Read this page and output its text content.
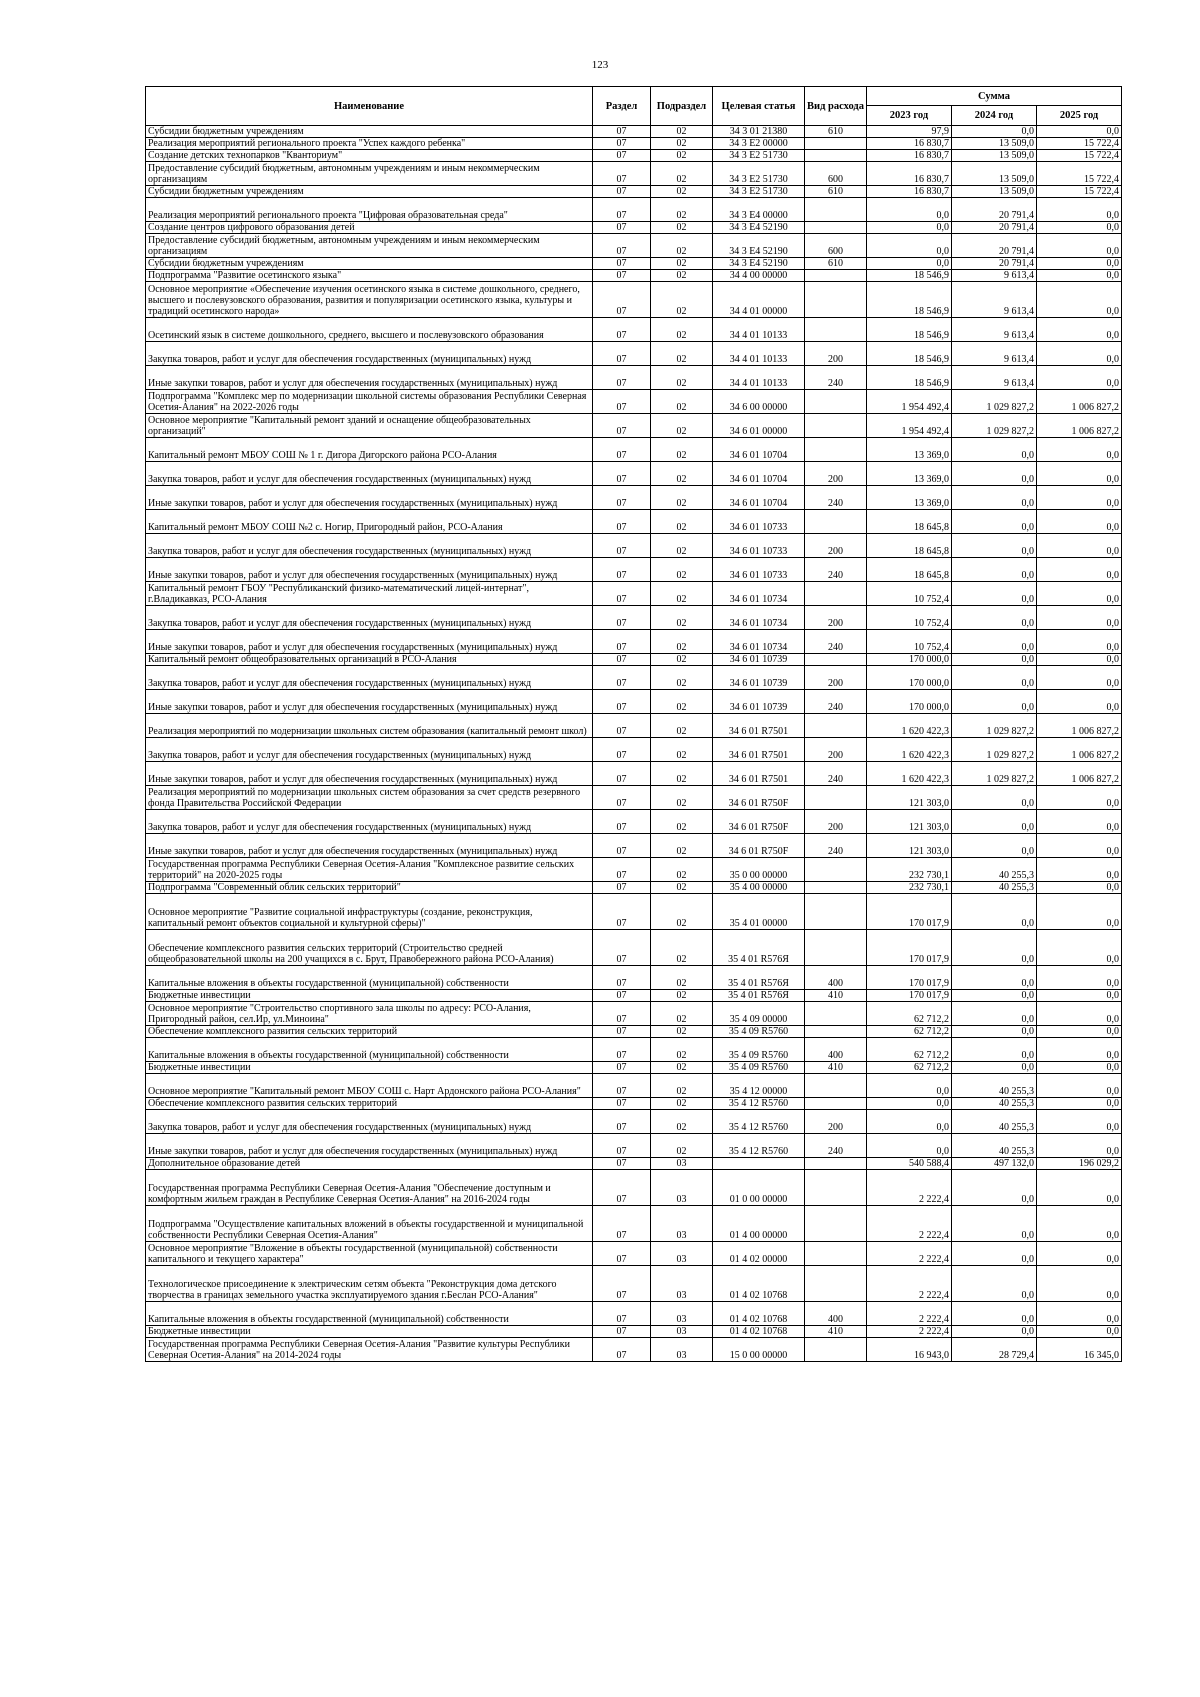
123
Наименование	Раздел	Подраздел	Целевая статья	Вид расхода	Сумма		
					2023 год	2024 год	2025 год
Субсидии бюджетным учреждениям	07	02	34 3 01 21380	610	97,9	0,0	0,0
Реализация мероприятий регионального проекта "Успех каждого ребенка"	07	02	34 3 E2 00000		16 830,7	13 509,0	15 722,4
Создание детских технопарков "Кванториум"	07	02	34 3 E2 51730		16 830,7	13 509,0	15 722,4
Предоставление субсидий бюджетным, автономным учреждениям и иным некоммерческим организациям	07	02	34 3 E2 51730	600	16 830,7	13 509,0	15 722,4
Субсидии бюджетным учреждениям	07	02	34 3 E2 51730	610	16 830,7	13 509,0	15 722,4
Реализация мероприятий регионального проекта "Цифровая образовательная среда"	07	02	34 3 E4 00000		0,0	20 791,4	0,0
Создание центров цифрового образования детей	07	02	34 3 E4 52190		0,0	20 791,4	0,0
Предоставление субсидий бюджетным, автономным учреждениям и иным некоммерческим организациям	07	02	34 3 E4 52190	600	0,0	20 791,4	0,0
Субсидии бюджетным учреждениям	07	02	34 3 E4 52190	610	0,0	20 791,4	0,0
Подпрограмма "Развитие осетинского языка"	07	02	34 4 00 00000		18 546,9	9 613,4	0,0
Основное мероприятие «Обеспечение изучения осетинского языка в системе дошкольного, среднего, высшего и послевузовского образования, развития и популяризации осетинского языка, культуры и традиций осетинского народа»	07	02	34 4 01 00000		18 546,9	9 613,4	0,0
Осетинский язык в системе дошкольного, среднего, высшего и послевузовского образования	07	02	34 4 01 10133		18 546,9	9 613,4	0,0
Закупка товаров, работ и услуг для обеспечения государственных (муниципальных) нужд	07	02	34 4 01 10133	200	18 546,9	9 613,4	0,0
Иные закупки товаров, работ и услуг для обеспечения государственных (муниципальных) нужд	07	02	34 4 01 10133	240	18 546,9	9 613,4	0,0
Подпрограмма "Комплекс мер по модернизации школьной системы образования Республики Северная Осетия-Алания" на 2022-2026 годы	07	02	34 6 00 00000		1 954 492,4	1 029 827,2	1 006 827,2
Основное мероприятие "Капитальный ремонт зданий и оснащение общеобразовательных организаций"	07	02	34 6 01 00000		1 954 492,4	1 029 827,2	1 006 827,2
Капитальный ремонт МБОУ СОШ № 1 г. Дигора Дигорского района РСО-Алания	07	02	34 6 01 10704		13 369,0	0,0	0,0
Закупка товаров, работ и услуг для обеспечения государственных (муниципальных) нужд	07	02	34 6 01 10704	200	13 369,0	0,0	0,0
Иные закупки товаров, работ и услуг для обеспечения государственных (муниципальных) нужд	07	02	34 6 01 10704	240	13 369,0	0,0	0,0
Капитальный ремонт МБОУ СОШ №2 с. Ногир, Пригородный район, РСО-Алания	07	02	34 6 01 10733		18 645,8	0,0	0,0
Закупка товаров, работ и услуг для обеспечения государственных (муниципальных) нужд	07	02	34 6 01 10733	200	18 645,8	0,0	0,0
Иные закупки товаров, работ и услуг для обеспечения государственных (муниципальных) нужд	07	02	34 6 01 10733	240	18 645,8	0,0	0,0
Капитальный ремонт ГБОУ "Республиканский физико-математический лицей-интернат", г.Владикавказ, РСО-Алания	07	02	34 6 01 10734		10 752,4	0,0	0,0
Закупка товаров, работ и услуг для обеспечения государственных (муниципальных) нужд	07	02	34 6 01 10734	200	10 752,4	0,0	0,0
Иные закупки товаров, работ и услуг для обеспечения государственных (муниципальных) нужд	07	02	34 6 01 10734	240	10 752,4	0,0	0,0
Капитальный ремонт общеобразовательных организаций в РСО-Алания	07	02	34 6 01 10739		170 000,0	0,0	0,0
Закупка товаров, работ и услуг для обеспечения государственных (муниципальных) нужд	07	02	34 6 01 10739	200	170 000,0	0,0	0,0
Иные закупки товаров, работ и услуг для обеспечения государственных (муниципальных) нужд	07	02	34 6 01 10739	240	170 000,0	0,0	0,0
Реализация мероприятий по модернизации школьных систем образования (капитальный ремонт школ)	07	02	34 6 01 R7501		1 620 422,3	1 029 827,2	1 006 827,2
Закупка товаров, работ и услуг для обеспечения государственных (муниципальных) нужд	07	02	34 6 01 R7501	200	1 620 422,3	1 029 827,2	1 006 827,2
Иные закупки товаров, работ и услуг для обеспечения государственных (муниципальных) нужд	07	02	34 6 01 R7501	240	1 620 422,3	1 029 827,2	1 006 827,2
Реализация мероприятий по модернизации школьных систем образования за счет средств резервного фонда Правительства Российской Федерации	07	02	34 6 01 R750F		121 303,0	0,0	0,0
Закупка товаров, работ и услуг для обеспечения государственных (муниципальных) нужд	07	02	34 6 01 R750F	200	121 303,0	0,0	0,0
Иные закупки товаров, работ и услуг для обеспечения государственных (муниципальных) нужд	07	02	34 6 01 R750F	240	121 303,0	0,0	0,0
Государственная программа Республики Северная Осетия-Алания "Комплексное развитие сельских территорий" на 2020-2025 годы	07	02	35 0 00 00000		232 730,1	40 255,3	0,0
Подпрограмма "Современный облик сельских территорий"	07	02	35 4 00 00000		232 730,1	40 255,3	0,0
Основное мероприятие "Развитие социальной инфраструктуры (создание, реконструкция, капитальный ремонт объектов социальной и культурной сферы)"	07	02	35 4 01 00000		170 017,9	0,0	0,0
Обеспечение комплексного развития сельских территорий (Строительство средней общеобразовательной школы на 200 учащихся в с. Брут, Правобережного района РСО-Алания)	07	02	35 4 01 R576Я		170 017,9	0,0	0,0
Капитальные вложения в объекты государственной (муниципальной) собственности	07	02	35 4 01 R576Я	400	170 017,9	0,0	0,0
Бюджетные инвестиции	07	02	35 4 01 R576Я	410	170 017,9	0,0	0,0
Основное мероприятие "Строительство спортивного зала школы по адресу: РСО-Алания, Пригородный район, сел.Ир, ул.Миноина"	07	02	35 4 09 00000		62 712,2	0,0	0,0
Обеспечение комплексного развития сельских территорий	07	02	35 4 09 R5760		62 712,2	0,0	0,0
Капитальные вложения в объекты государственной (муниципальной) собственности	07	02	35 4 09 R5760	400	62 712,2	0,0	0,0
Бюджетные инвестиции	07	02	35 4 09 R5760	410	62 712,2	0,0	0,0
Основное мероприятие "Капитальный ремонт МБОУ СОШ с. Нарт Ардонского района РСО-Алания"	07	02	35 4 12 00000		0,0	40 255,3	0,0
Обеспечение комплексного развития сельских территорий	07	02	35 4 12 R5760		0,0	40 255,3	0,0
Закупка товаров, работ и услуг для обеспечения государственных (муниципальных) нужд	07	02	35 4 12 R5760	200	0,0	40 255,3	0,0
Иные закупки товаров, работ и услуг для обеспечения государственных (муниципальных) нужд	07	02	35 4 12 R5760	240	0,0	40 255,3	0,0
Дополнительное образование детей	07	03			540 588,4	497 132,0	196 029,2
Государственная программа Республики Северная Осетия-Алания "Обеспечение доступным и комфортным жильем граждан в Республике Северная Осетия-Алания" на 2016-2024 годы	07	03	01 0 00 00000		2 222,4	0,0	0,0
Подпрограмма "Осуществление капитальных вложений в объекты государственной и муниципальной собственности Республики Северная Осетия-Алания"	07	03	01 4 00 00000		2 222,4	0,0	0,0
Основное мероприятие "Вложение в объекты государственной (муниципальной) собственности капитального и текущего характера"	07	03	01 4 02 00000		2 222,4	0,0	0,0
Технологическое присоединение к электрическим сетям объекта "Реконструкция дома детского творчества в границах земельного участка эксплуатируемого здания г.Беслан РСО-Алания"	07	03	01 4 02 10768		2 222,4	0,0	0,0
Капитальные вложения в объекты государственной (муниципальной) собственности	07	03	01 4 02 10768	400	2 222,4	0,0	0,0
Бюджетные инвестиции	07	03	01 4 02 10768	410	2 222,4	0,0	0,0
Государственная программа Республики Северная Осетия-Алания "Развитие культуры Республики Северная Осетия-Алания" на 2014-2024 годы	07	03	15 0 00 00000		16 943,0	28 729,4	16 345,0
